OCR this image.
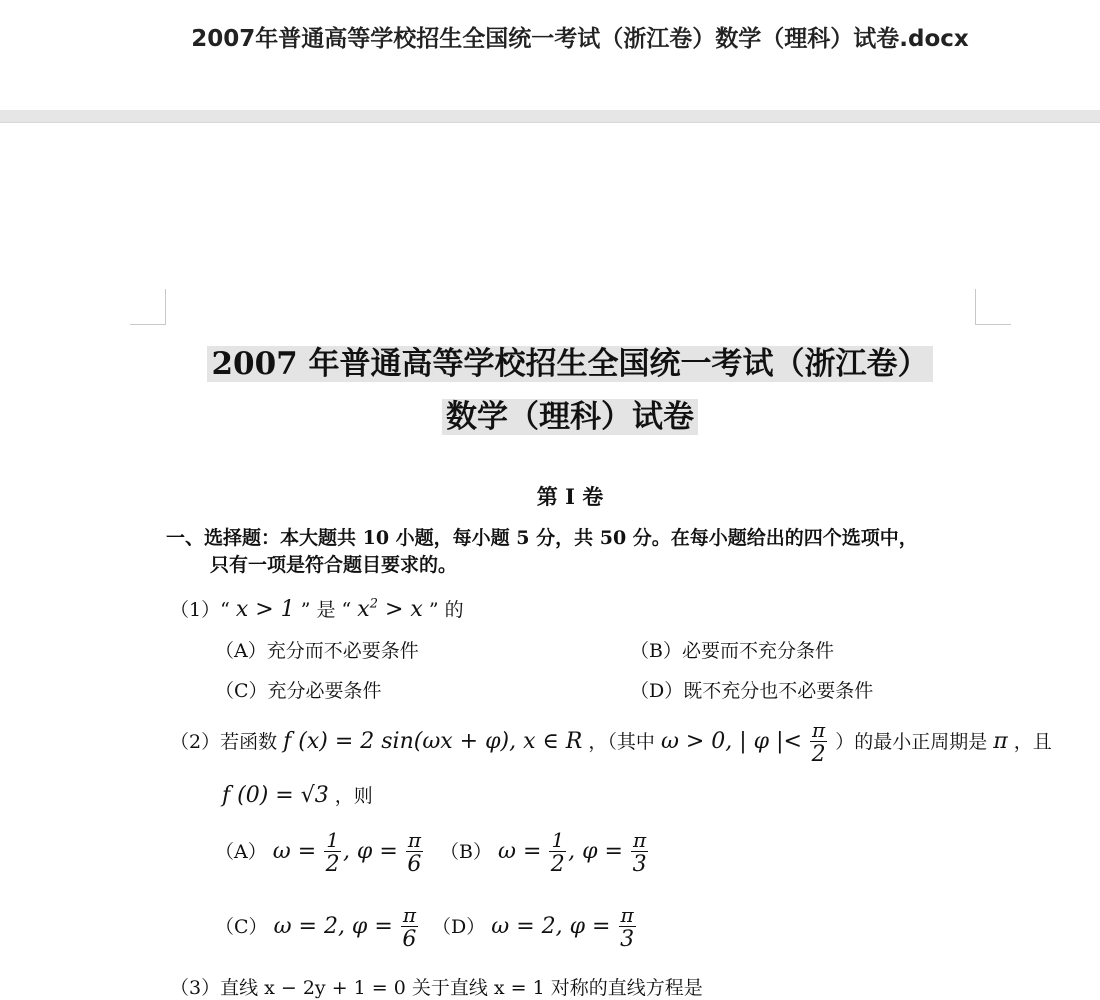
2007年普通高等学校招生全国统一考试（浙江卷）数学（理科）试卷.docx
2007 年普通高等学校招生全国统一考试（浙江卷）
数学（理科）试卷
第 I 卷
一、选择题：本大题共 10 小题，每小题 5 分，共 50 分。在每小题给出的四个选项中，
只有一项是符合题目要求的。
（1）“ x > 1 ” 是 “ $x^2 > x$ ” 的
（A）充分而不必要条件	（B）必要而不充分条件
（C）充分必要条件	（D）既不充分也不必要条件
（2）若函数 f (x) = 2 sin(ωx + φ), x ∈ R ，（其中 ω > 0, | φ |< $\frac{\pi}{2}$ ）的最小正周期是 π ，且
f (0) = √3 ，则
（A） $\omega = \frac{1}{2}$ , $\varphi = \frac{\pi}{6} (B) \omega = \frac{1}{2}$ , $\varphi = \frac{\pi}{3}$
（C） ω = 2, $\varphi = \frac{\pi}{6} (D) \omega = 2$, $\varphi = \frac{\pi}{3}$
（3）直线 x − 2y + 1 = 0 关于直线 x = 1 对称的直线方程是
